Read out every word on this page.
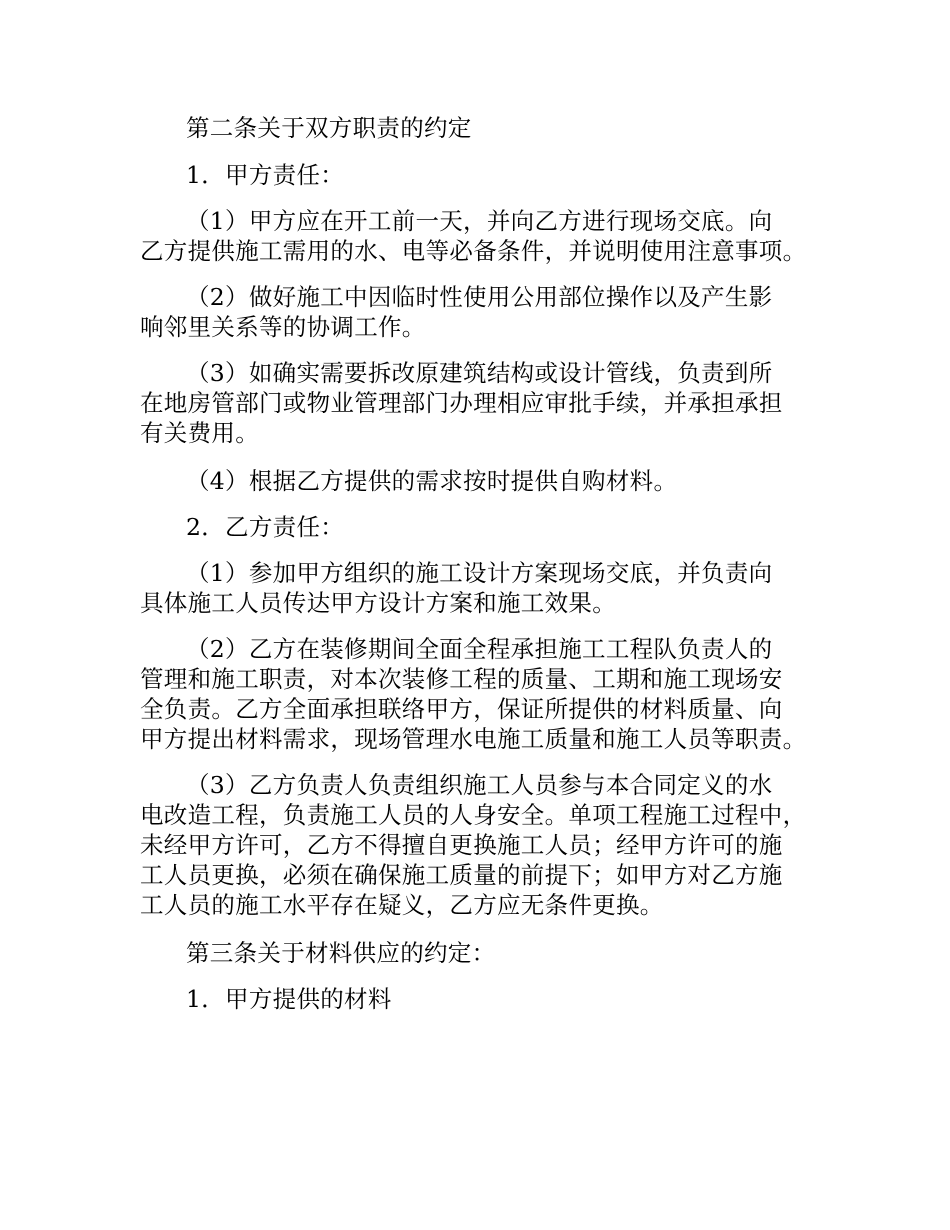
第二条关于双方职责的约定
1．甲方责任：
（1）甲方应在开工前一天，并向乙方进行现场交底。向
乙方提供施工需用的水、电等必备条件，并说明使用注意事项。
（2）做好施工中因临时性使用公用部位操作以及产生影
响邻里关系等的协调工作。
（3）如确实需要拆改原建筑结构或设计管线，负责到所
在地房管部门或物业管理部门办理相应审批手续，并承担承担
有关费用。
（4）根据乙方提供的需求按时提供自购材料。
2．乙方责任：
（1）参加甲方组织的施工设计方案现场交底，并负责向
具体施工人员传达甲方设计方案和施工效果。
（2）乙方在装修期间全面全程承担施工工程队负责人的
管理和施工职责，对本次装修工程的质量、工期和施工现场安
全负责。乙方全面承担联络甲方，保证所提供的材料质量、向
甲方提出材料需求，现场管理水电施工质量和施工人员等职责。
（3）乙方负责人负责组织施工人员参与本合同定义的水
电改造工程，负责施工人员的人身安全。单项工程施工过程中，
未经甲方许可，乙方不得擅自更换施工人员；经甲方许可的施
工人员更换，必须在确保施工质量的前提下；如甲方对乙方施
工人员的施工水平存在疑义，乙方应无条件更换。
第三条关于材料供应的约定：
1．甲方提供的材料
